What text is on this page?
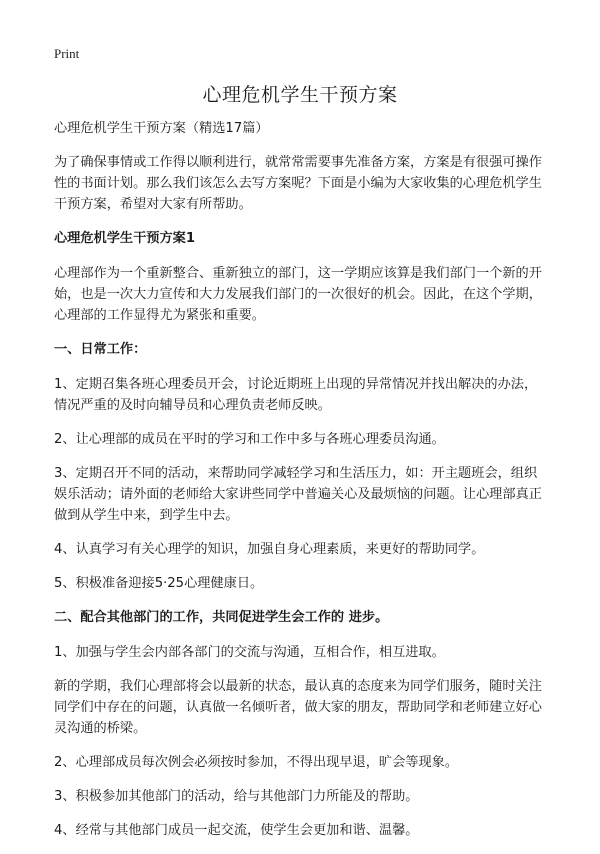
Print
心理危机学生干预方案

心理危机学生干预方案（精选17篇）

为了确保事情或工作得以顺利进行，就常常需要事先准备方案，方案是有很强可操作性的书面计划。那么我们该怎么去写方案呢？下面是小编为大家收集的心理危机学生干预方案，希望对大家有所帮助。

心理危机学生干预方案1

心理部作为一个重新整合、重新独立的部门，这一学期应该算是我们部门一个新的开始，也是一次大力宣传和大力发展我们部门的一次很好的机会。因此，在这个学期，心理部的工作显得尤为紧张和重要。

一、日常工作：

1、定期召集各班心理委员开会，讨论近期班上出现的异常情况并找出解决的办法，情况严重的及时向辅导员和心理负责老师反映。

2、让心理部的成员在平时的学习和工作中多与各班心理委员沟通。

3、定期召开不同的活动，来帮助同学减轻学习和生活压力，如：开主题班会，组织娱乐活动；请外面的老师给大家讲些同学中普遍关心及最烦恼的问题。让心理部真正做到从学生中来，到学生中去。

4、认真学习有关心理学的知识，加强自身心理素质，来更好的帮助同学。

5、积极准备迎接5·25心理健康日。

二、配合其他部门的工作，共同促进学生会工作的 进步。

1、加强与学生会内部各部门的交流与沟通，互相合作，相互进取。

新的学期，我们心理部将会以最新的状态，最认真的态度来为同学们服务，随时关注同学们中存在的问题，认真做一名倾听者，做大家的朋友，帮助同学和老师建立好心灵沟通的桥梁。

2、心理部成员每次例会必须按时参加，不得出现早退，旷会等现象。

3、积极参加其他部门的活动，给与其他部门力所能及的帮助。

4、经常与其他部门成员一起交流，使学生会更加和谐、温馨。
